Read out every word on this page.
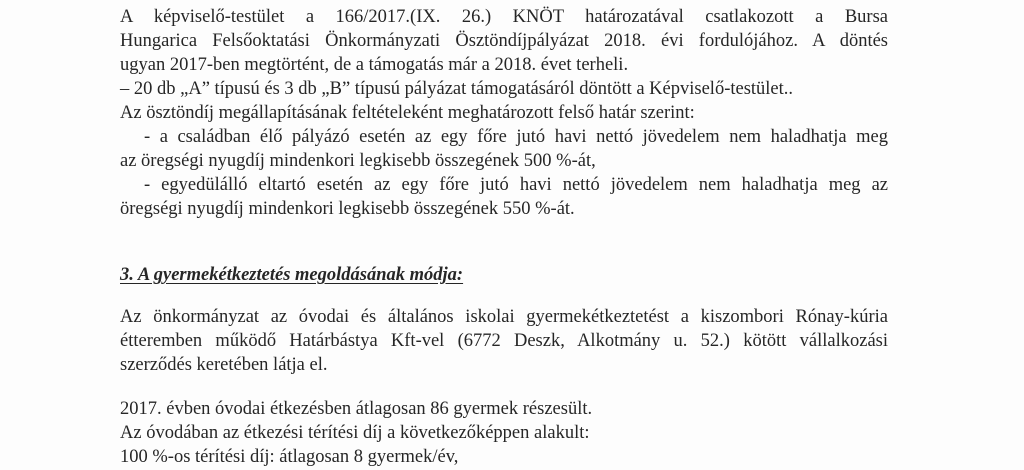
A képviselő-testület a 166/2017.(IX. 26.) KNÖT határozatával csatlakozott a Bursa
Hungarica Felsőoktatási Önkormányzati Ösztöndíjpályázat 2018. évi fordulójához. A döntés
ugyan 2017-ben megtörtént, de a támogatás már a 2018. évet terheli.
– 20 db „A” típusú és 3 db „B” típusú pályázat támogatásáról döntött a Képviselő-testület..
Az ösztöndíj megállapításának feltételeként meghatározott felső határ szerint:
- a családban élő pályázó esetén az egy főre jutó havi nettó jövedelem nem haladhatja meg
az öregségi nyugdíj mindenkori legkisebb összegének 500 %-át,
- egyedülálló eltartó esetén az egy főre jutó havi nettó jövedelem nem haladhatja meg az
öregségi nyugdíj mindenkori legkisebb összegének 550 %-át.
3. A gyermekétkeztetés megoldásának módja:
Az önkormányzat az óvodai és általános iskolai gyermekétkeztetést a kiszombori Rónay-kúria
étteremben működő Határbástya Kft-vel (6772 Deszk, Alkotmány u. 52.) kötött vállalkozási
szerződés keretében látja el.
2017. évben óvodai étkezésben átlagosan 86 gyermek részesült.
Az óvodában az étkezési térítési díj a következőképpen alakult:
100 %-os térítési díj: átlagosan 8 gyermek/év,
